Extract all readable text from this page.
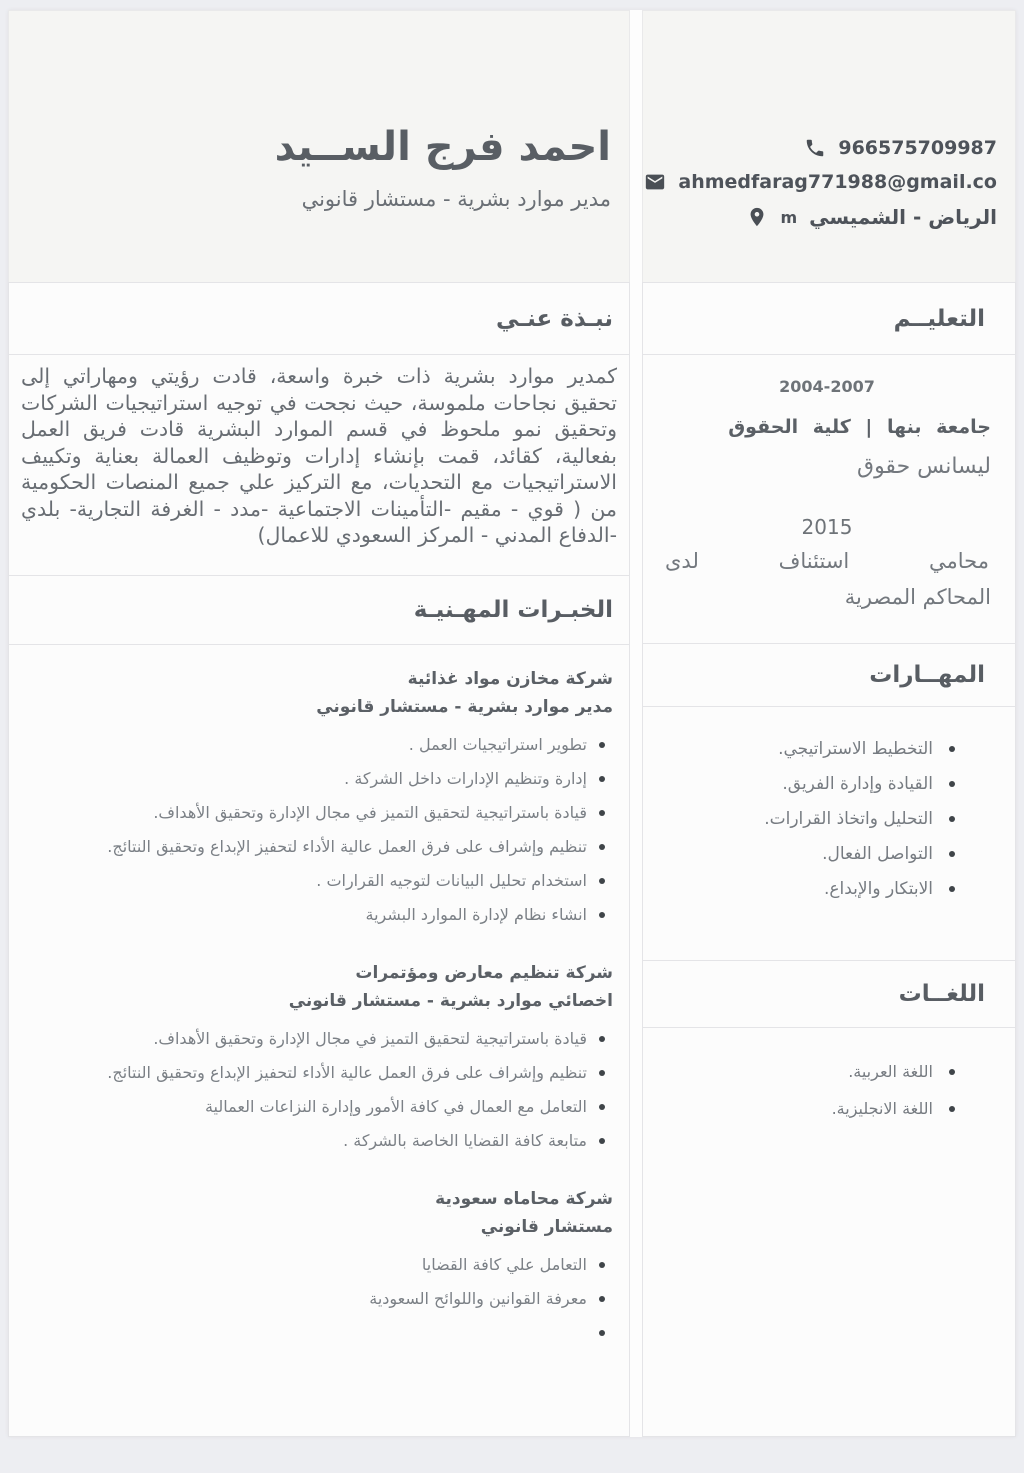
966575709987
ahmedfarag771988@gmail.co
الرياض - الشميسي
m
التعليــم
2004-2007
جامعة بنها | كلية الحقوق
ليسانس حقوق
2015
محامي استئناف لدى
المحاكم المصرية
المهــارات
التخطيط الاستراتيجي.
القيادة وإدارة الفريق.
التحليل واتخاذ القرارات.
التواصل الفعال.
الابتكار والإبداع.
اللغــات
اللغة العربية.
اللغة الانجليزية.
احمد فرج الســيد
مدير موارد بشرية - مستشار قانوني
نبـذة عنـي

كمدير موارد بشرية ذات خبرة واسعة، قادت رؤيتي ومهاراتي إلى تحقيق نجاحات ملموسة، حيث نجحت في توجيه استراتيجيات الشركات وتحقيق نمو ملحوظ في قسم الموارد البشرية قادت فريق العمل بفعالية، كقائد، قمت بإنشاء إدارات وتوظيف العمالة بعناية وتكييف الاستراتيجيات مع التحديات، مع التركيز علي جميع المنصات الحكومية من ( قوي - مقيم -التأمينات الاجتماعية -مدد - الغرفة التجارية- بلدي -الدفاع المدني - المركز السعودي للاعمال)

الخبـرات المهـنيـة
شركة مخازن مواد غذائية
مدير موارد بشرية - مستشار قانوني
تطوير استراتيجيات العمل .
إدارة وتنظيم الإدارات داخل الشركة .
قيادة باستراتيجية لتحقيق التميز في مجال الإدارة وتحقيق الأهداف.
تنظيم وإشراف على فرق العمل عالية الأداء لتحفيز الإبداع وتحقيق النتائج.
استخدام تحليل البيانات لتوجيه القرارات .
انشاء نظام لإدارة الموارد البشرية
شركة تنظيم معارض ومؤتمرات
اخصائي موارد بشرية - مستشار قانوني
قيادة باستراتيجية لتحقيق التميز في مجال الإدارة وتحقيق الأهداف.
تنظيم وإشراف على فرق العمل عالية الأداء لتحفيز الإبداع وتحقيق النتائج.
التعامل مع العمال في كافة الأمور وإدارة النزاعات العمالية
متابعة كافة القضايا الخاصة بالشركة .
شركة محاماه سعودية
مستشار قانوني
التعامل علي كافة القضايا
معرفة القوانين واللوائح السعودية
